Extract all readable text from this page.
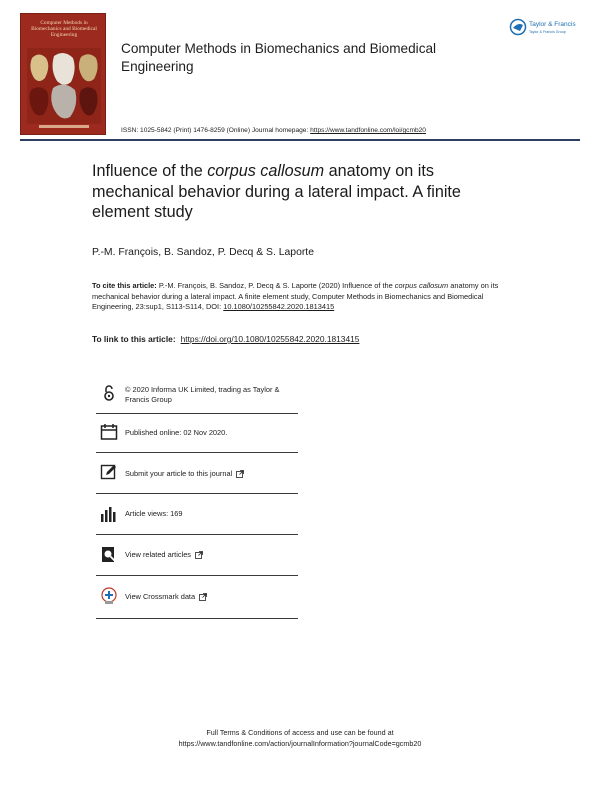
Computer Methods in Biomechanics and Biomedical Engineering
Computer Methods in Biomechanics and Biomedical Engineering
Taylor & Francis
Taylor & Francis Group
ISSN: 1025-5842 (Print) 1476-8259 (Online) Journal homepage: https://www.tandfonline.com/loi/gcmb20
Influence of the corpus callosum anatomy on its mechanical behavior during a lateral impact. A finite element study
P.-M. François, B. Sandoz, P. Decq & S. Laporte
To cite this article: P.-M. François, B. Sandoz, P. Decq & S. Laporte (2020) Influence of the corpus callosum anatomy on its mechanical behavior during a lateral impact. A finite element study, Computer Methods in Biomechanics and Biomedical Engineering, 23:sup1, S113-S114, DOI: 10.1080/10255842.2020.1813415
To link to this article: https://doi.org/10.1080/10255842.2020.1813415
© 2020 Informa UK Limited, trading as Taylor & Francis Group
Published online: 02 Nov 2020.
Submit your article to this journal
Article views: 169
View related articles
View Crossmark data
Full Terms & Conditions of access and use can be found at
https://www.tandfonline.com/action/journalInformation?journalCode=gcmb20
